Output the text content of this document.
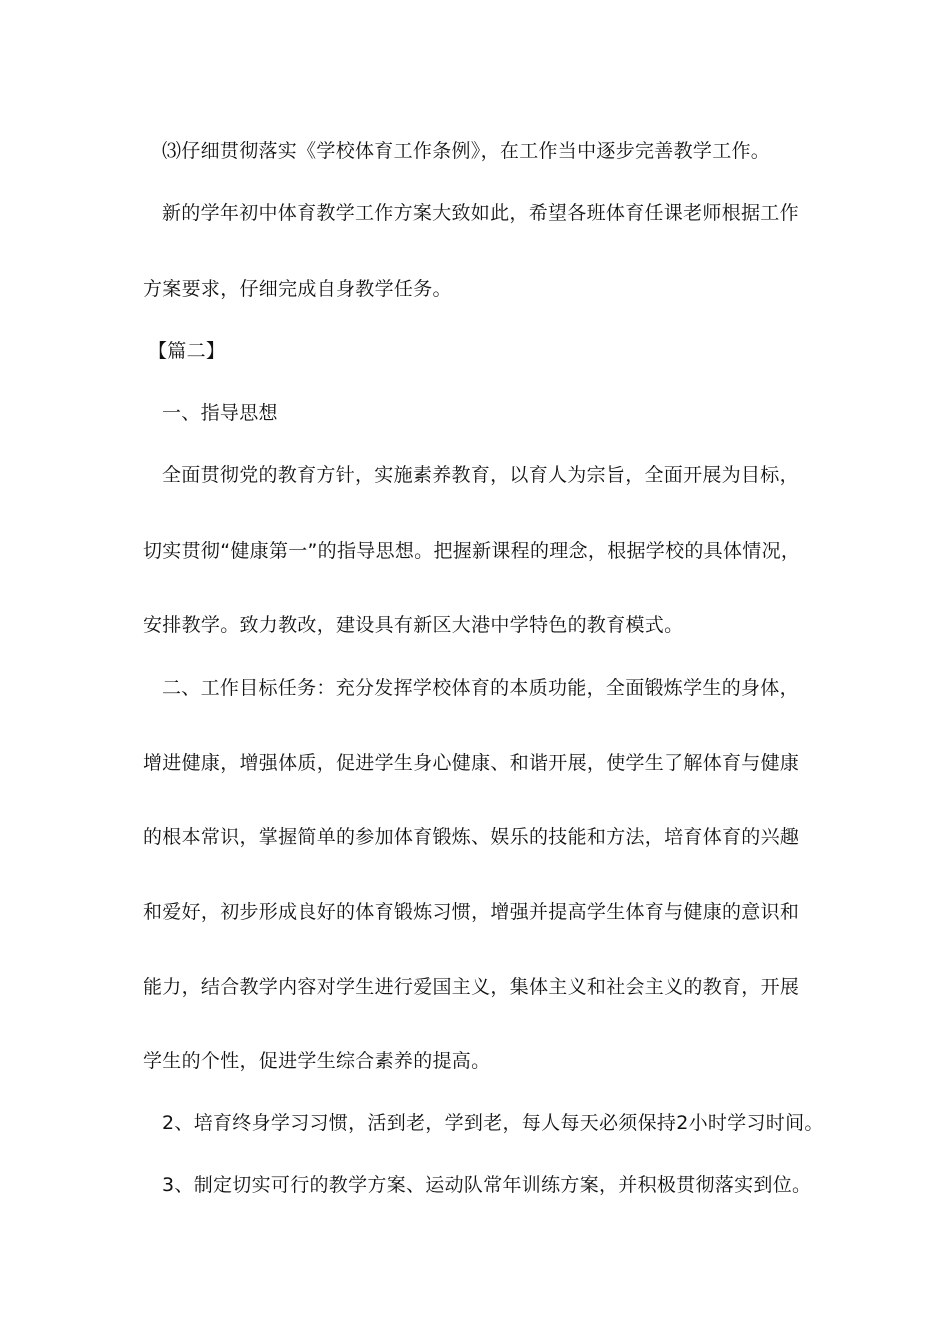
⑶仔细贯彻落实《学校体育工作条例》，在工作当中逐步完善教学工作。
新的学年初中体育教学工作方案大致如此，希望各班体育任课老师根据工作
方案要求，仔细完成自身教学任务。
【篇二】
一、指导思想
全面贯彻党的教育方针，实施素养教育，以育人为宗旨，全面开展为目标，
切实贯彻“健康第一”的指导思想。把握新课程的理念，根据学校的具体情况，
安排教学。致力教改，建设具有新区大港中学特色的教育模式。
二、工作目标任务：充分发挥学校体育的本质功能，全面锻炼学生的身体，
增进健康，增强体质，促进学生身心健康、和谐开展，使学生了解体育与健康
的根本常识，掌握简单的参加体育锻炼、娱乐的技能和方法，培育体育的兴趣
和爱好，初步形成良好的体育锻炼习惯，增强并提高学生体育与健康的意识和
能力，结合教学内容对学生进行爱国主义，集体主义和社会主义的教育，开展
学生的个性，促进学生综合素养的提高。
2、培育终身学习习惯，活到老，学到老，每人每天必须保持2小时学习时间。
3、制定切实可行的教学方案、运动队常年训练方案，并积极贯彻落实到位。
